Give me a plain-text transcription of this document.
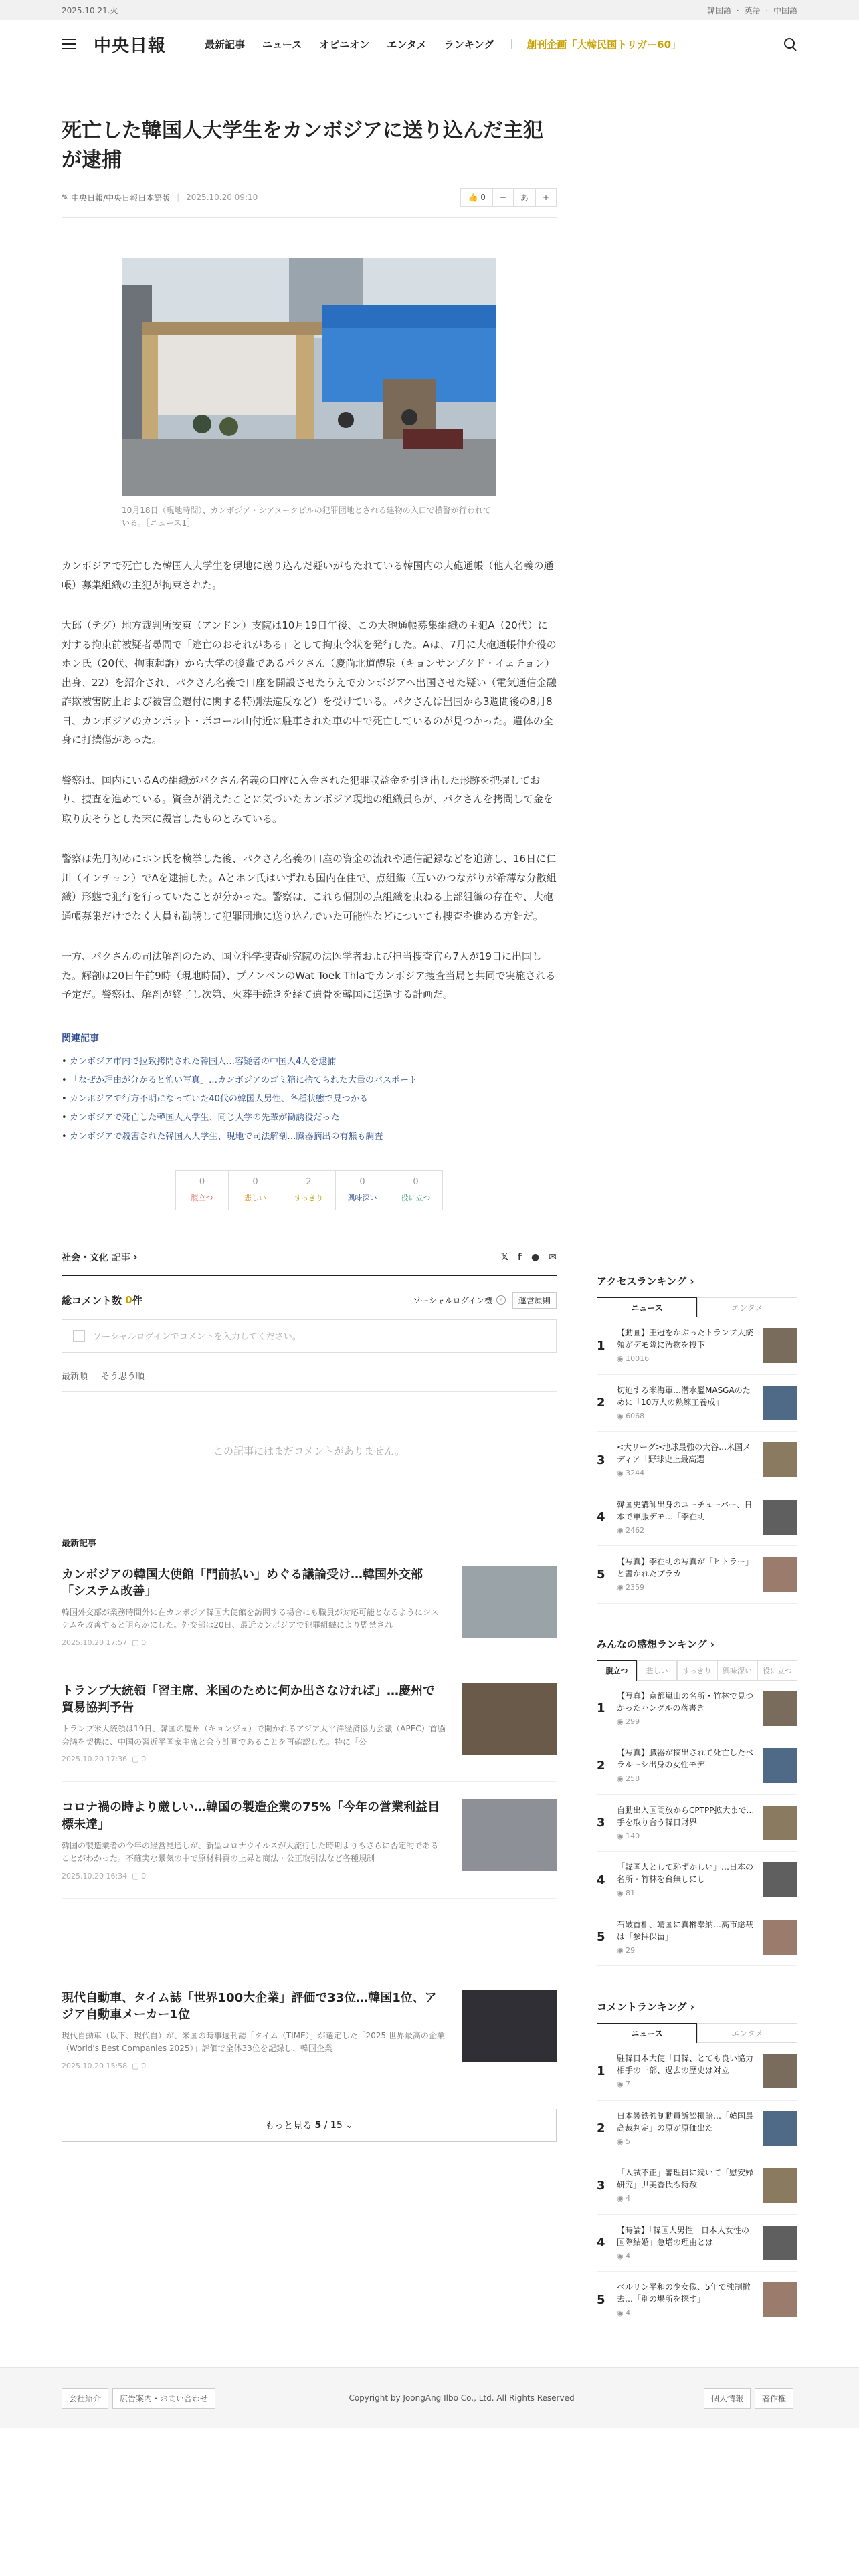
2025.10.21.火	韓国語 · 英語 · 中国語
中央日報	最新記事 ニュース オピニオン エンタメ ランキング	創刊企画「大韓民国トリガー60」
アクセスランキング ›
ニュース	エンタメ
1
【動画】王冠をかぶったトランプ大統領がデモ隊に汚物を投下
◉ 10016
2
切迫する米海軍…潜水艦MASGAのために「10万人の熟練工養成」
◉ 6068
3
<大リーグ>地球最強の大谷…米国メディア「野球史上最高選
◉ 3244
4
韓国史講師出身のユーチューバー、日本で軍服デモ…「李在明
◉ 2462
5
【写真】李在明の写真が「ヒトラー」と書かれたプラカ
◉ 2359
みんなの感想ランキング ›
腹立つ	悲しい	すっきり	興味深い	役に立つ
1
【写真】京都嵐山の名所・竹林で見つかったハングルの落書き
◉ 299
2
【写真】臓器が摘出されて死亡したベラルーシ出身の女性モデ
◉ 258
3
自動出入国間放からCPTPP拡大まで…手を取り合う韓日財界
◉ 140
4
「韓国人として恥ずかしい」…日本の名所・竹林を台無しにし
◉ 81
5
石破首相、靖国に真榊奉納…高市総裁は「参拝保留」
◉ 29
コメントランキング ›
ニュース	エンタメ
1
駐韓日本大使「日韓、とても良い協力相手の一部、過去の歴史は対立
◉ 7
2
日本製鉄強制動員訴訟損賠…「韓国最高裁判定」の原が原価出た
◉ 5
3
「入試不正」審理員に続いて「慰安婦研究」尹美香氏も特赦
◉ 4
4
【時論】「韓国人男性－日本人女性の国際結婚」急増の理由とは
◉ 4
5
ベルリン平和の少女像、5年で強制撤去…「別の場所を探す」
◉ 4
死亡した韓国人大学生をカンボジアに送り込んだ主犯が逮捕
✎ 中央日報/中央日報日本語版 | 2025.10.20 09:10	👍 0	−	あ	+
10月18日（現地時間）、カンボジア・シアヌークビルの犯罪団地とされる建物の入口で横警が行われている。［ニュース1］

カンボジアで死亡した韓国人大学生を現地に送り込んだ疑いがもたれている韓国内の大砲通帳（他人名義の通帳）募集組織の主犯が拘束された。

大邱（テグ）地方裁判所安東（アンドン）支院は10月19日午後、この大砲通帳募集組織の主犯A（20代）に対する拘束前被疑者尋問で「逃亡のおそれがある」として拘束令状を発行した。Aは、7月に大砲通帳仲介役のホン氏（20代、拘束起訴）から大学の後輩であるパクさん（慶尚北道醴泉（キョンサンブクド・イェチョン）出身、22）を紹介され、パクさん名義で口座を開設させたうえでカンボジアへ出国させた疑い（電気通信金融詐欺被害防止および被害金還付に関する特別法違反など）を受けている。パクさんは出国から3週間後の8月8日、カンボジアのカンポット・ボコール山付近に駐車された車の中で死亡しているのが見つかった。遺体の全身に打撲傷があった。

警察は、国内にいるAの組織がパクさん名義の口座に入金された犯罪収益金を引き出した形跡を把握しており、捜査を進めている。資金が消えたことに気づいたカンボジア現地の組織員らが、パクさんを拷問して金を取り戻そうとした末に殺害したものとみている。

警察は先月初めにホン氏を検挙した後、パクさん名義の口座の資金の流れや通信記録などを追跡し、16日に仁川（インチョン）でAを逮捕した。Aとホン氏はいずれも国内在住で、点組織（互いのつながりが希薄な分散組織）形態で犯行を行っていたことが分かった。警察は、これら個別の点組織を束ねる上部組織の存在や、大砲通帳募集だけでなく人員も勧誘して犯罪団地に送り込んでいた可能性などについても捜査を進める方針だ。

一方、パクさんの司法解剖のため、国立科学捜査研究院の法医学者および担当捜査官ら7人が19日に出国した。解剖は20日午前9時（現地時間）、プノンペンのWat Toek Thlaでカンボジア捜査当局と共同で実施される予定だ。警察は、解剖が終了し次第、火葬手続きを経て遺骨を韓国に送還する計画だ。

関連記事
• カンボジア市内で拉致拷問された韓国人…容疑者の中国人4人を逮捕
• 「なぜか理由が分かると怖い写真」…カンボジアのゴミ箱に捨てられた大量のパスポート
• カンボジアで行方不明になっていた40代の韓国人男性、各種状態で見つかる
• カンボジアで死亡した韓国人大学生、同じ大学の先輩が勧誘役だった
• カンボジアで殺害された韓国人大学生、現地で司法解剖…臓器摘出の有無も調査
0
腹立つ
0
悲しい
2
すっきり
0
興味深い
0
役に立つ
社会・文化
記事
›	𝕏 f ● ✉
総コメント数
0 件	ソーシャルログイン機	?	運営原則
ソーシャルログインでコメントを入力してください。
最新順 そう思う順
この記事にはまだコメントがありません。
最新記事
カンボジアの韓国大使館「門前払い」めぐる議論受け…韓国外交部「システム改善」
韓国外交部が業務時間外に在カンボジア韓国大使館を訪問する場合にも職員が対応可能となるようにシステムを改善すると明らかにした。外交部は20日、最近カンボジアで犯罪組織により監禁され
2025.10.20 17:57 ▢ 0
トランプ大統領「習主席、米国のために何か出さなければ」…慶州で貿易協判予告
トランプ米大統領は19日、韓国の慶州（キョンジュ）で開かれるアジア太平洋経済協力会議（APEC）首脳会議を契機に、中国の習近平国家主席と会う計画であることを再確認した。特に「公
2025.10.20 17:36 ▢ 0
コロナ禍の時より厳しい…韓国の製造企業の75%「今年の営業利益目標未達」
韓国の製造業者の今年の経営見通しが、新型コロナウイルスが大流行した時期よりもさらに否定的であることがわかった。不確実な景気の中で原材料費の上昇と商法・公正取引法など各種規制
2025.10.20 16:34 ▢ 0
現代自動車、タイム誌「世界100大企業」評価で33位…韓国1位、アジア自動車メーカー1位
現代自動車（以下、現代自）が、米国の時事週刊誌「タイム（TIME）」が選定した「2025 世界最高の企業（World's Best Companies 2025）」評価で全体33位を記録し、韓国企業
2025.10.20 15:58 ▢ 0
もっと見る
5 / 15
⌄
会社紹介	広告案内・お問い合わせ	Copyright by JoongAng Ilbo Co., Ltd. All Rights Reserved	個人情報	著作権
